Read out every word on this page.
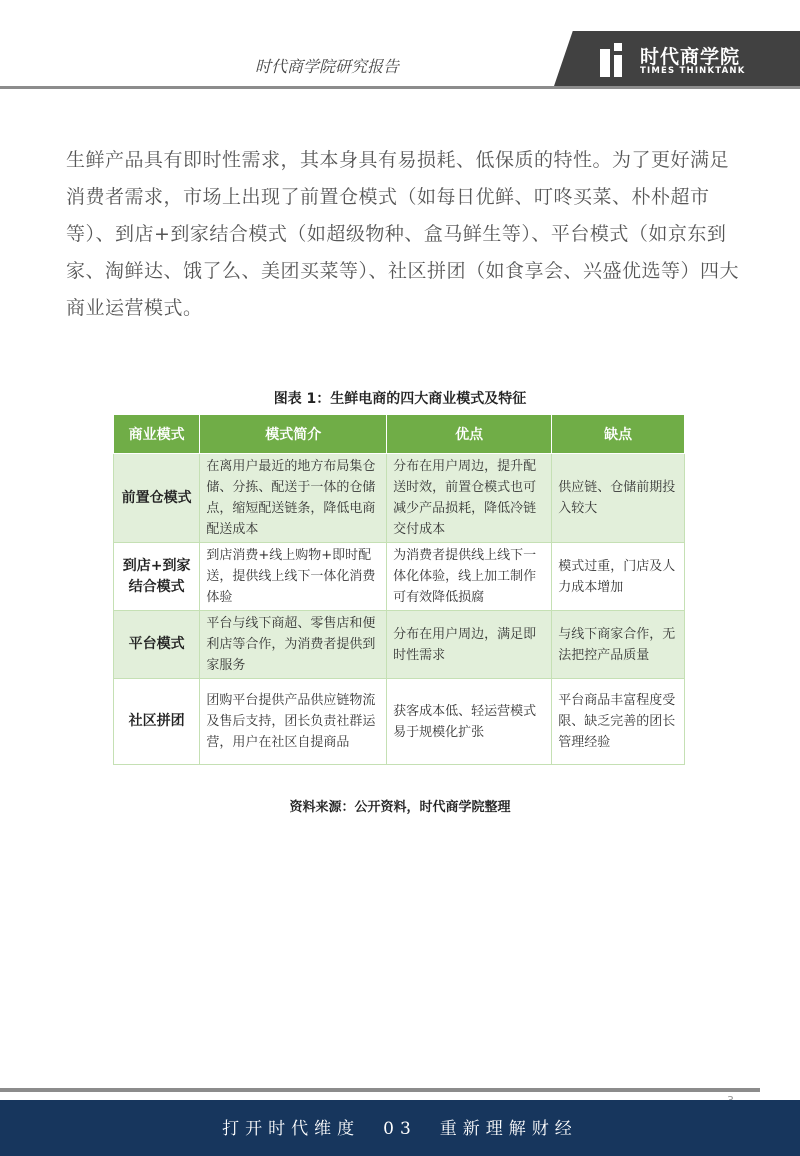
时代商学院
TIMES THINKTANK
时代商学院研究报告
生鲜产品具有即时性需求，其本身具有易损耗、低保质的特性。为了更好满足消费者需求，市场上出现了前置仓模式（如每日优鲜、叮咚买菜、朴朴超市等）、到店+到家结合模式（如超级物种、盒马鲜生等）、平台模式（如京东到家、淘鲜达、饿了么、美团买菜等）、社区拼团（如食享会、兴盛优选等）四大商业运营模式。
图表 1：生鲜电商的四大商业模式及特征
商业模式	模式简介	优点	缺点
前置仓模式	在离用户最近的地方布局集仓储、分拣、配送于一体的仓储点，缩短配送链条，降低电商配送成本	分布在用户周边，提升配送时效，前置仓模式也可减少产品损耗，降低冷链交付成本	供应链、仓储前期投入较大
到店+到家结合模式	到店消费+线上购物+即时配送，提供线上线下一体化消费体验	为消费者提供线上线下一体化体验，线上加工制作可有效降低损腐	模式过重，门店及人力成本增加
平台模式	平台与线下商超、零售店和便利店等合作，为消费者提供到家服务	分布在用户周边，满足即时性需求	与线下商家合作，无法把控产品质量
社区拼团	团购平台提供产品供应链物流及售后支持，团长负责社群运营，用户在社区自提商品	获客成本低、轻运营模式易于规模化扩张	平台商品丰富程度受限、缺乏完善的团长管理经验
资料来源：公开资料，时代商学院整理
打开时代维度　03　重新理解财经
